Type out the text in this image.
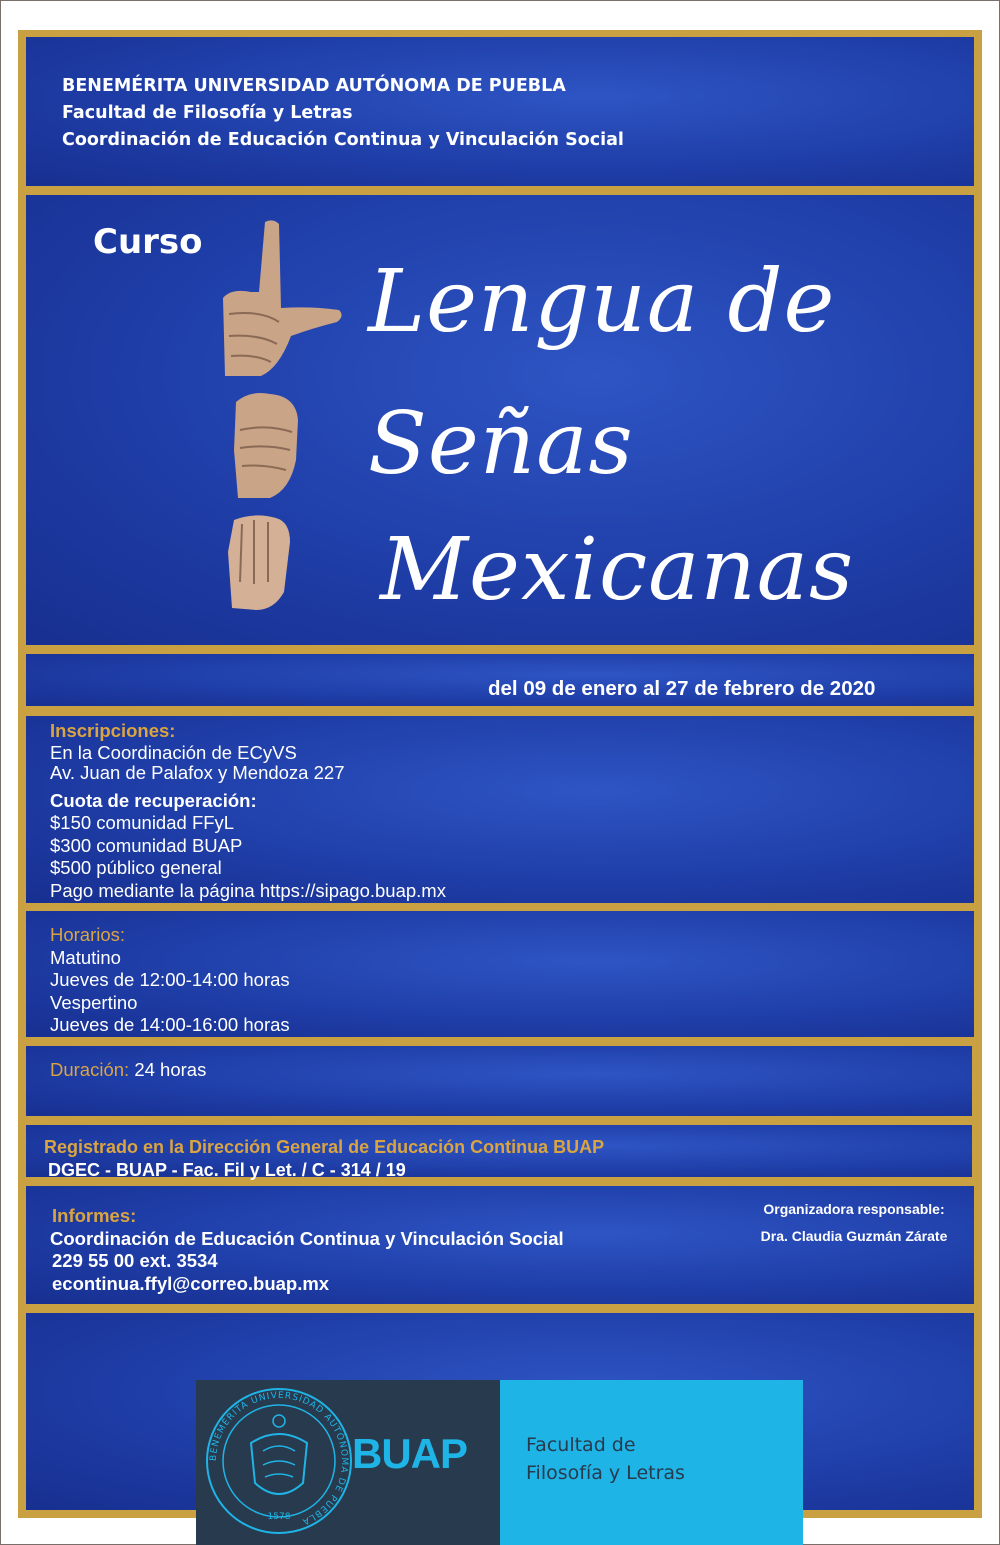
BENEMÉRITA UNIVERSIDAD AUTÓNOMA DE PUEBLA
Facultad de Filosofía y Letras
Coordinación de Educación Continua y Vinculación Social
Curso
Lengua de
Señas
Mexicanas
del 09 de enero al 27 de febrero de 2020
Inscripciones:
En la Coordinación de ECyVS
Av. Juan de Palafox y Mendoza 227
Cuota de recuperación:
$150 comunidad FFyL
$300 comunidad BUAP
$500 público general
Pago mediante la página https://sipago.buap.mx
Horarios:
Matutino
Jueves de 12:00-14:00 horas
Vespertino
Jueves de 14:00-16:00 horas
Duración: 24 horas
Registrado en la Dirección General de Educación Continua BUAP
DGEC - BUAP - Fac. Fil y Let. / C - 314 / 19
Informes:
Coordinación de Educación Continua y Vinculación Social
229 55 00 ext. 3534
econtinua.ffyl@correo.buap.mx
Organizadora responsable:
Dra. Claudia Guzmán Zárate
BENEMÉRITA UNIVERSIDAD AUTÓNOMA DE PUEBLA
1578
BUAP	Facultad de
Filosofía y Letras
